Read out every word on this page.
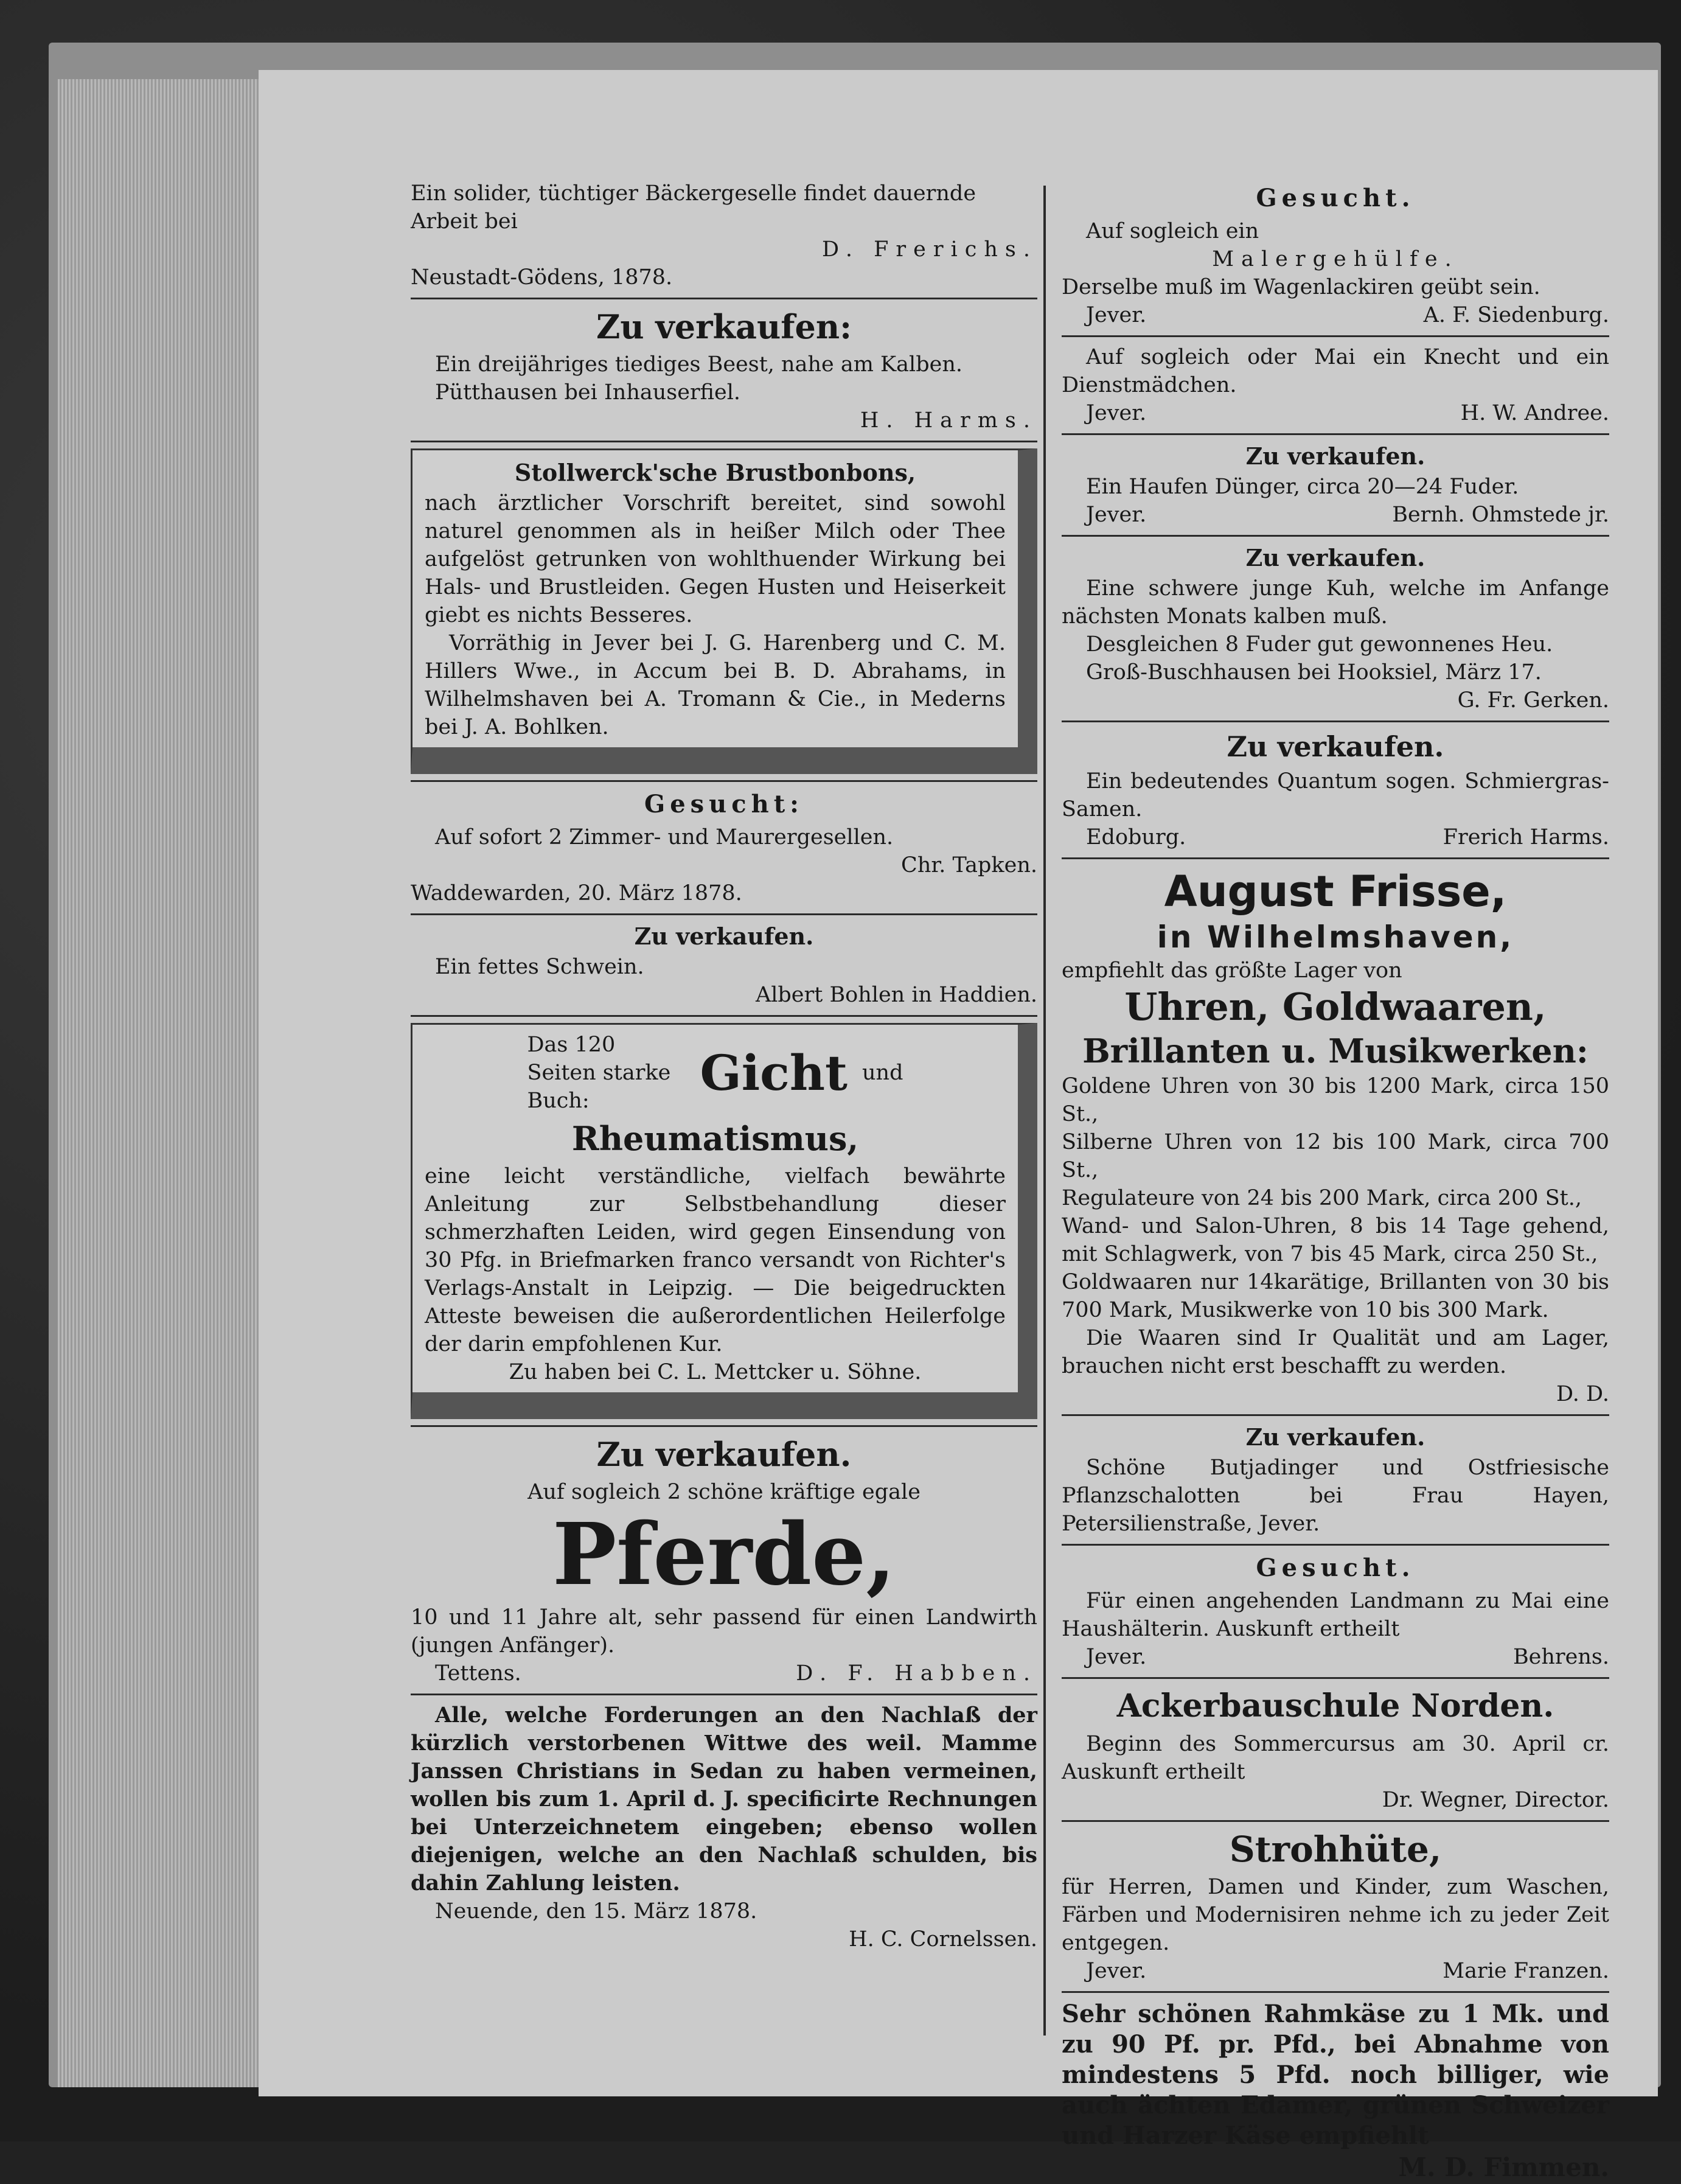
Ein solider, tüchtiger Bäckergeselle findet dauernde

Arbeit bei

D. Frerichs.

Neustadt-Gödens, 1878.

Zu verkaufen:

Ein dreijähriges tiediges Beest, nahe am Kalben.

Pütthausen bei Inhauserfiel.

H. Harms.

Stollwerck'sche Brustbonbons,

nach ärztlicher Vorschrift bereitet, sind sowohl naturel genommen als in heißer Milch oder Thee aufgelöst getrunken von wohlthuender Wirkung bei Hals- und Brustleiden. Gegen Husten und Heiserkeit giebt es nichts Besseres.

Vorräthig in Jever bei J. G. Harenberg und C. M. Hillers Wwe., in Accum bei B. D. Abrahams, in Wilhelmshaven bei A. Tromann & Cie., in Mederns bei J. A. Bohlken.

Gesucht:

Auf sofort 2 Zimmer- und Maurergesellen.

Chr. Tapken.

Waddewarden, 20. März 1878.

Zu verkaufen.

Ein fettes Schwein.

Albert Bohlen in Haddien.

Das 120 Seiten starke Buch:	Gicht und

Rheumatismus,

eine leicht verständliche, vielfach bewährte Anleitung zur Selbstbehandlung dieser schmerzhaften Leiden, wird gegen Einsendung von 30 Pfg. in Briefmarken franco versandt von Richter's Verlags-Anstalt in Leipzig. — Die beigedruckten Atteste beweisen die außerordentlichen Heilerfolge der darin empfohlenen Kur.

Zu haben bei C. L. Mettcker u. Söhne.

Zu verkaufen.

Auf sogleich 2 schöne kräftige egale

Pferde,

10 und 11 Jahre alt, sehr passend für einen Landwirth (jungen Anfänger).

Tettens.	D. F. Habben.

Alle, welche Forderungen an den Nachlaß der kürzlich verstorbenen Wittwe des weil. Mamme Janssen Christians in Sedan zu haben vermeinen, wollen bis zum 1. April d. J. specificirte Rechnungen bei Unterzeichnetem eingeben; ebenso wollen diejenigen, welche an den Nachlaß schulden, bis dahin Zahlung leisten.

Neuende, den 15. März 1878.

H. C. Cornelssen.

Gesucht.

Auf sogleich ein

Malergehülfe.

Derselbe muß im Wagenlackiren geübt sein.

Jever.	A. F. Siedenburg.

Auf sogleich oder Mai ein Knecht und ein Dienstmädchen.

Jever.	H. W. Andree.

Zu verkaufen.

Ein Haufen Dünger, circa 20—24 Fuder.

Jever.	Bernh. Ohmstede jr.

Zu verkaufen.

Eine schwere junge Kuh, welche im Anfange nächsten Monats kalben muß.

Desgleichen 8 Fuder gut gewonnenes Heu.

Groß-Buschhausen bei Hooksiel, März 17.

G. Fr. Gerken.

Zu verkaufen.

Ein bedeutendes Quantum sogen. Schmiergras-Samen.

Edoburg.	Frerich Harms.

August Frisse,

in Wilhelmshaven,

empfiehlt das größte Lager von

Uhren, Goldwaaren,

Brillanten u. Musikwerken:

Goldene Uhren von 30 bis 1200 Mark, circa 150 St.,

Silberne Uhren von 12 bis 100 Mark, circa 700 St.,

Regulateure von 24 bis 200 Mark, circa 200 St.,

Wand- und Salon-Uhren, 8 bis 14 Tage gehend, mit Schlagwerk, von 7 bis 45 Mark, circa 250 St.,

Goldwaaren nur 14karätige, Brillanten von 30 bis 700 Mark, Musikwerke von 10 bis 300 Mark.

Die Waaren sind Ir Qualität und am Lager, brauchen nicht erst beschafft zu werden.

D. D.

Zu verkaufen.

Schöne Butjadinger und Ostfriesische Pflanzschalotten bei Frau Hayen, Petersilienstraße, Jever.

Gesucht.

Für einen angehenden Landmann zu Mai eine Haushälterin. Auskunft ertheilt

Jever.	Behrens.

Ackerbauschule Norden.

Beginn des Sommercursus am 30. April cr. Auskunft ertheilt

Dr. Wegner, Director.

Strohhüte,

für Herren, Damen und Kinder, zum Waschen, Färben und Modernisiren nehme ich zu jeder Zeit entgegen.

Jever.	Marie Franzen.

Sehr schönen Rahmkäse zu 1 Mk. und zu 90 Pf. pr. Pfd., bei Abnahme von mindestens 5 Pfd. noch billiger, wie auch ächten Edamer, grünen Schweizer und Harzer Käse empfiehlt

M. D. Fimmen.
